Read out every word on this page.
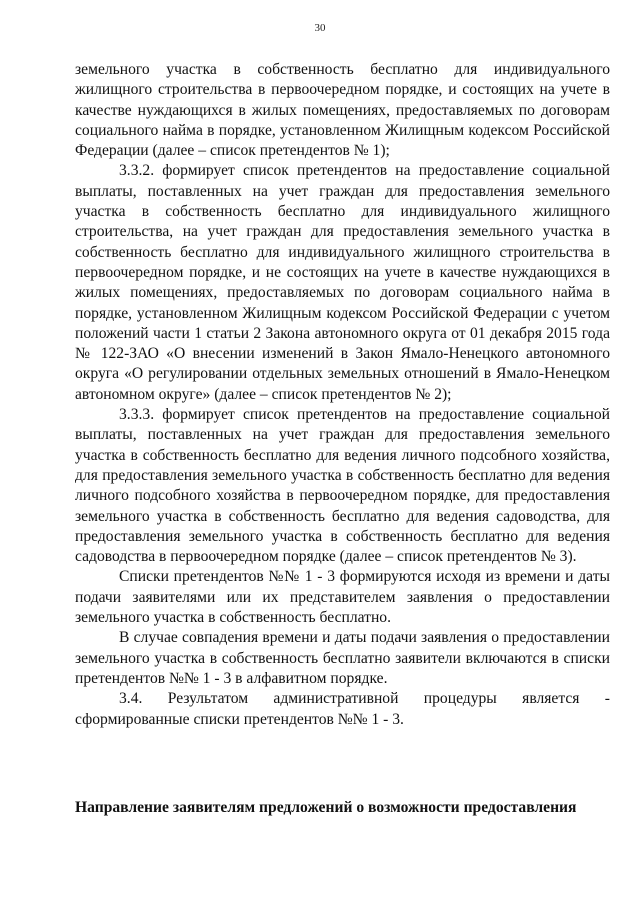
30

земельного участка в собственность бесплатно для индивидуального жилищного строительства в первоочередном порядке, и состоящих на учете в качестве нуждающихся в жилых помещениях, предоставляемых по договорам социального найма в порядке, установленном Жилищным кодексом Российской Федерации (далее – список претендентов № 1);

3.3.2. формирует список претендентов на предоставление социальной выплаты, поставленных на учет граждан для предоставления земельного участка в собственность бесплатно для индивидуального жилищного строительства, на учет граждан для предоставления земельного участка в собственность бесплатно для индивидуального жилищного строительства в первоочередном порядке, и не состоящих на учете в качестве нуждающихся в жилых помещениях, предоставляемых по договорам социального найма в порядке, установленном Жилищным кодексом Российской Федерации с учетом положений части 1 статьи 2 Закона автономного округа от 01 декабря 2015 года № 122-ЗАО «О внесении изменений в Закон Ямало-Ненецкого автономного округа «О регулировании отдельных земельных отношений в Ямало-Ненецком автономном округе» (далее – список претендентов № 2);

3.3.3. формирует список претендентов на предоставление социальной выплаты, поставленных на учет граждан для предоставления земельного участка в собственность бесплатно для ведения личного подсобного хозяйства, для предоставления земельного участка в собственность бесплатно для ведения личного подсобного хозяйства в первоочередном порядке, для предоставления земельного участка в собственность бесплатно для ведения садоводства, для предоставления земельного участка в собственность бесплатно для ведения садоводства в первоочередном порядке (далее – список претендентов № 3).

Списки претендентов №№ 1 - 3 формируются исходя из времени и даты подачи заявителями или их представителем заявления о предоставлении земельного участка в собственность бесплатно.

В случае совпадения времени и даты подачи заявления о предоставлении земельного участка в собственность бесплатно заявители включаются в списки претендентов №№ 1 - 3 в алфавитном порядке.

3.4. Результатом административной процедуры является - сформированные списки претендентов №№ 1 - 3.

Направление заявителям предложений о возможности предоставления
